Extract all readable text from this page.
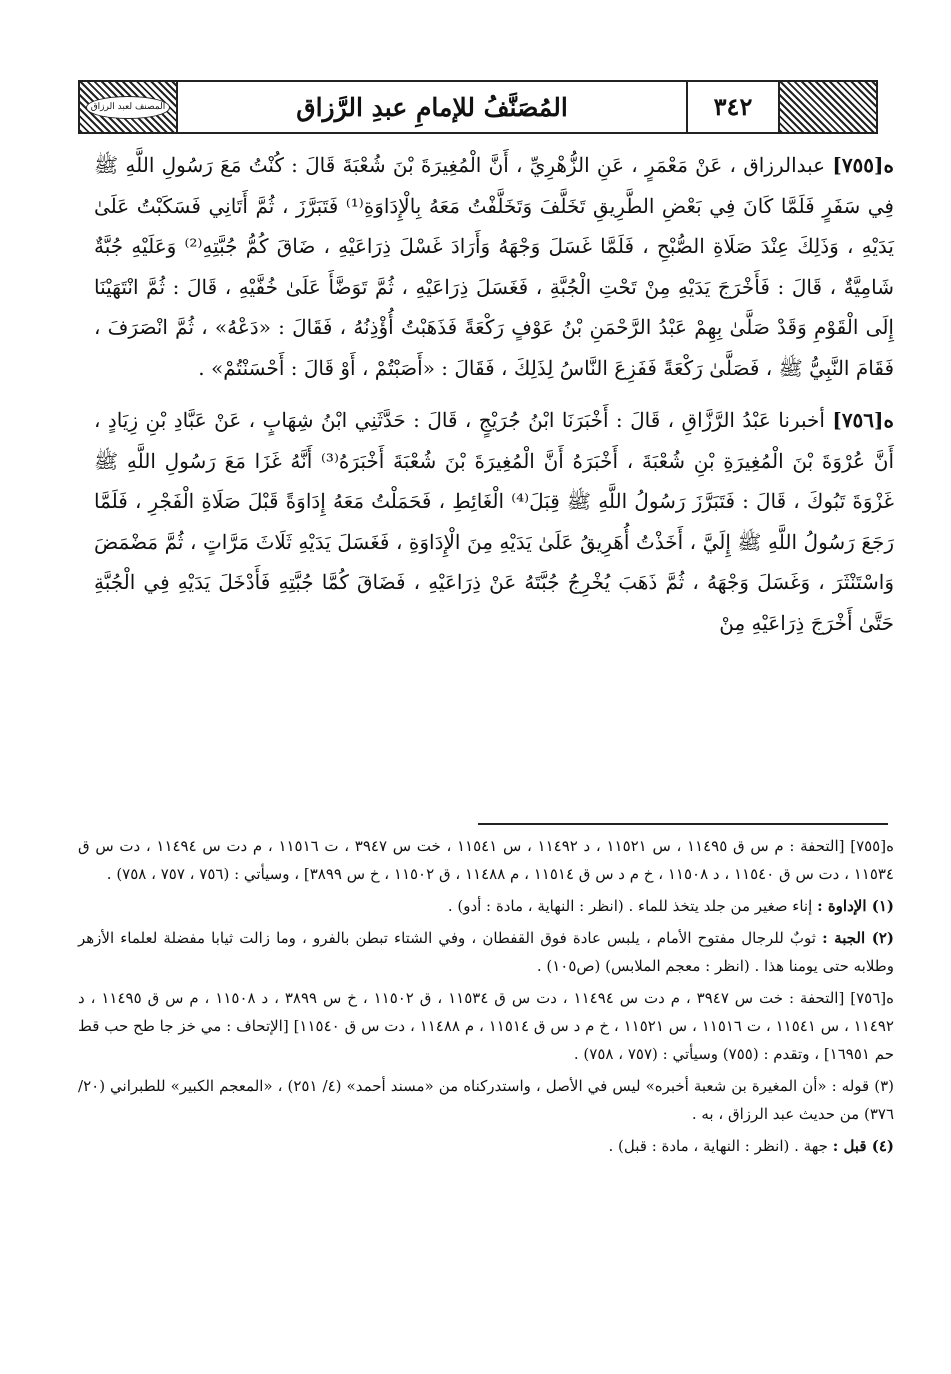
المصنف لعبد الرزاق	المُصَنَّفُ للإمامِ عبدِ الرَّزاق	٣٤٢

ه[٧٥٥] عبدالرزاق ، عَنْ مَعْمَرٍ ، عَنِ الزُّهْرِيِّ ، أَنَّ الْمُغِيرَةَ بْنَ شُعْبَةَ قَالَ : كُنْتُ مَعَ رَسُولِ اللَّهِ ﷺ فِي سَفَرٍ فَلَمَّا كَانَ فِي بَعْضِ الطَّرِيقِ تَخَلَّفَ وَتَخَلَّفْتُ مَعَهُ بِالْإِدَاوَةِ⁽¹⁾ فَتَبَرَّزَ ، ثُمَّ أَتَانِي فَسَكَبْتُ عَلَىٰ يَدَيْهِ ، وَذَلِكَ عِنْدَ صَلَاةِ الصُّبْحِ ، فَلَمَّا غَسَلَ وَجْهَهُ وَأَرَادَ غَسْلَ ذِرَاعَيْهِ ، ضَاقَ كُمُّ جُبَّتِهِ⁽²⁾ وَعَلَيْهِ جُبَّةٌ شَامِيَّةٌ ، قَالَ : فَأَخْرَجَ يَدَيْهِ مِنْ تَحْتِ الْجُبَّةِ ، فَغَسَلَ ذِرَاعَيْهِ ، ثُمَّ تَوَضَّأَ عَلَىٰ خُفَّيْهِ ، قَالَ : ثُمَّ انْتَهَيْنَا إِلَى الْقَوْمِ وَقَدْ صَلَّىٰ بِهِمْ عَبْدُ الرَّحْمَنِ بْنُ عَوْفٍ رَكْعَةً فَذَهَبْتُ أُؤْذِنُهُ ، فَقَالَ : «دَعْهُ» ، ثُمَّ انْصَرَفَ ، فَقَامَ النَّبِيُّ ﷺ ، فَصَلَّىٰ رَكْعَةً فَفَزِعَ النَّاسُ لِذَلِكَ ، فَقَالَ : «أَصَبْتُمْ ، أَوْ قَالَ : أَحْسَنْتُمْ» .

ه[٧٥٦] أخبرنا عَبْدُ الرَّزَّاقِ ، قَالَ : أَخْبَرَنَا ابْنُ جُرَيْجٍ ، قَالَ : حَدَّثَنِي ابْنُ شِهَابٍ ، عَنْ عَبَّادِ بْنِ زِيَادٍ ، أَنَّ عُرْوَةَ بْنَ الْمُغِيرَةِ بْنِ شُعْبَةَ ، أَخْبَرَهُ أَنَّ الْمُغِيرَةَ بْنَ شُعْبَةَ أَخْبَرَهُ⁽³⁾ أَنَّهُ غَزَا مَعَ رَسُولِ اللَّهِ ﷺ غَزْوَةَ تَبُوكَ ، قَالَ : فَتَبَرَّزَ رَسُولُ اللَّهِ ﷺ قِبَلَ⁽⁴⁾ الْغَائِطِ ، فَحَمَلْتُ مَعَهُ إِدَاوَةً قَبْلَ صَلَاةِ الْفَجْرِ ، فَلَمَّا رَجَعَ رَسُولُ اللَّهِ ﷺ إِلَيَّ ، أَخَذْتُ أُهَرِيقُ عَلَىٰ يَدَيْهِ مِنَ الْإِدَاوَةِ ، فَغَسَلَ يَدَيْهِ ثَلَاثَ مَرَّاتٍ ، ثُمَّ مَضْمَضَ وَاسْتَنْثَرَ ، وَغَسَلَ وَجْهَهُ ، ثُمَّ ذَهَبَ يُخْرِجُ جُبَّتَهُ عَنْ ذِرَاعَيْهِ ، فَضَاقَ كُمَّا جُبَّتِهِ فَأَدْخَلَ يَدَيْهِ فِي الْجُبَّةِ حَتَّىٰ أَخْرَجَ ذِرَاعَيْهِ مِنْ

ه[٧٥٥] [التحفة : م س ق ١١٤٩٥ ، س ١١٥٢١ ، د ١١٤٩٢ ، س ١١٥٤١ ، خت س ٣٩٤٧ ، ت ١١٥١٦ ، م دت س ١١٤٩٤ ، دت س ق ١١٥٣٤ ، دت س ق ١١٥٤٠ ، د ١١٥٠٨ ، خ م د س ق ١١٥١٤ ، م ١١٤٨٨ ، ق ١١٥٠٢ ، خ س ٣٨٩٩] ، وسيأتي : (٧٥٦ ، ٧٥٧ ، ٧٥٨) .

(١) الإداوة : إناء صغير من جلد يتخذ للماء . (انظر : النهاية ، مادة : أدو) .

(٢) الجبة : ثوبٌ للرجال مفتوح الأمام ، يلبس عادة فوق القفطان ، وفي الشتاء تبطن بالفرو ، وما زالت ثيابا مفضلة لعلماء الأزهر وطلابه حتى يومنا هذا . (انظر : معجم الملابس) (ص١٠٥) .

ه[٧٥٦] [التحفة : خت س ٣٩٤٧ ، م دت س ١١٤٩٤ ، دت س ق ١١٥٣٤ ، ق ١١٥٠٢ ، خ س ٣٨٩٩ ، د ١١٥٠٨ ، م س ق ١١٤٩٥ ، د ١١٤٩٢ ، س ١١٥٤١ ، ت ١١٥١٦ ، س ١١٥٢١ ، خ م د س ق ١١٥١٤ ، م ١١٤٨٨ ، دت س ق ١١٥٤٠] [الإتحاف : مي خز جا طح حب قط حم ١٦٩٥١] ، وتقدم : (٧٥٥) وسيأتي : (٧٥٧ ، ٧٥٨) .

(٣) قوله : «أن المغيرة بن شعبة أخبره» ليس في الأصل ، واستدركناه من «مسند أحمد» (٤/ ٢٥١) ، «المعجم الكبير» للطبراني (٢٠/ ٣٧٦) من حديث عبد الرزاق ، به .

(٤) قبل : جهة . (انظر : النهاية ، مادة : قبل) .
